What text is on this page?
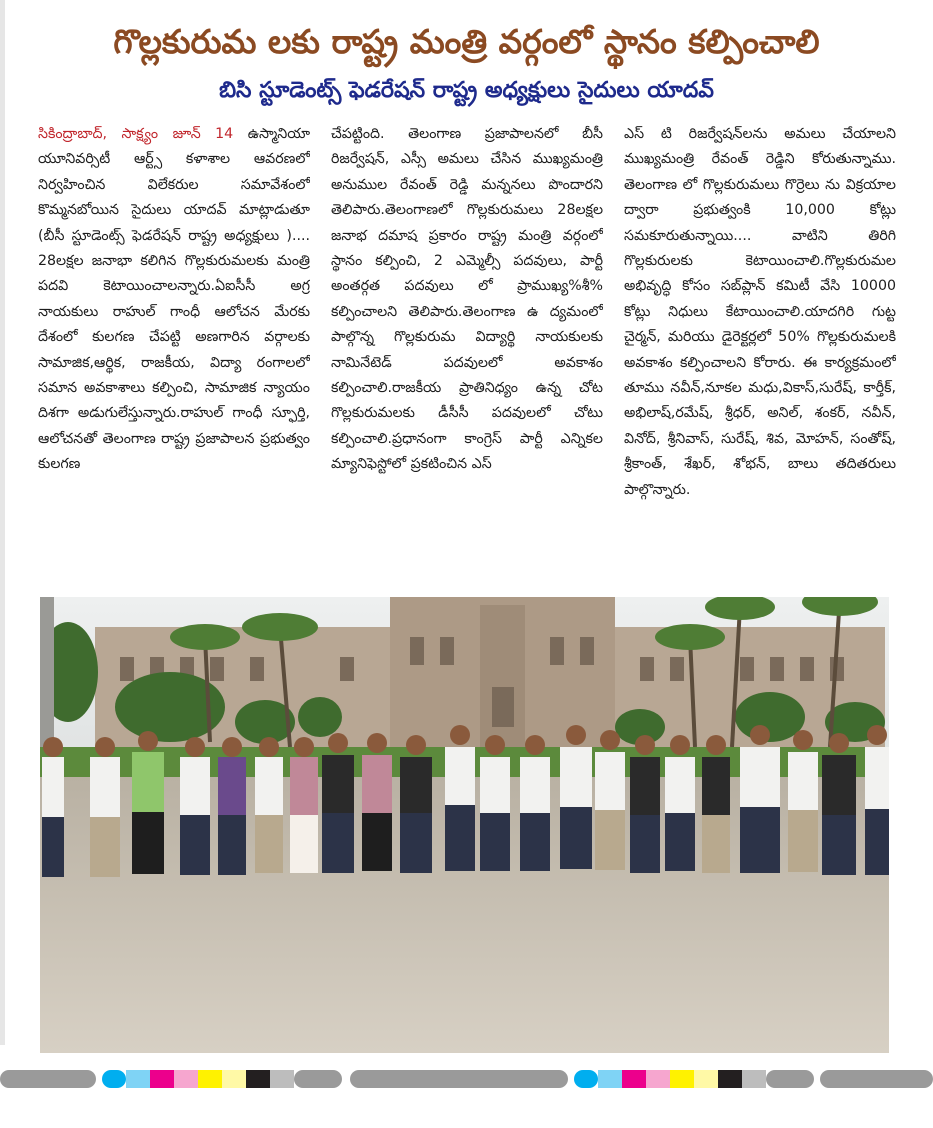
గొల్లకురుమ లకు రాష్ట్ర మంత్రి వర్గంలో స్థానం కల్పించాలి
బిసి స్టూడెంట్స్ ఫెడరేషన్ రాష్ట్ర అధ్యక్షులు సైదులు యాదవ్
సికింద్రాబాద్, సాక్ష్యం జూన్ 14 ఉస్మానియా యూనివర్సిటీ ఆర్ట్స్ కళాశాల ఆవరణలో నిర్వహించిన విలేకరుల సమావేశంలో కొమ్మనబోయిన సైదులు యాదవ్ మాట్లాడుతూ (బీసీ స్టూడెంట్స్ ఫెడరేషన్ రాష్ట్ర అధ్యక్షులు ).... 28లక్షల జనాభా కలిగిన గొల్లకురుమలకు మంత్రి పదవి కెటాయించాలన్నారు.ఏఐసీసీ అగ్ర నాయకులు రాహుల్ గాంధీ ఆలోచన మేరకు దేశంలో కులగణ చేపట్టి అణగారిన వర్గాలకు సామాజిక,ఆర్థిక, రాజకీయ, విద్యా రంగాలలో సమాన అవకాశాలు కల్పించి, సామాజిక న్యాయం దిశగా అడుగులేస్తున్నారు.రాహుల్ గాంధీ స్ఫూర్తి, ఆలోచనతో తెలంగాణ రాష్ట్ర ప్రజాపాలన ప్రభుత్వం కులగణ
చేపట్టింది. తెలంగాణ ప్రజాపాలనలో బీసీ రిజర్వేషన్, ఎస్సీ అమలు చేసిన ముఖ్యమంత్రి అనుముల రేవంత్ రెడ్డి మన్ననలు పొందారని తెలిపారు.తెలంగాణలో గొల్లకురుమలు 28లక్షల జనాభ దమాష ప్రకారం రాష్ట్ర మంత్రి వర్గంలో స్థానం కల్పించి, 2 ఎమ్మెల్సీ పదవులు, పార్టీ అంతర్గత పదవులు లో ప్రాముఖ్య%శీ% కల్పించాలని తెలిపారు.తెలంగాణ ఉ ద్యమంలో పాల్గొన్న గొల్లకురుమ విద్యార్థి నాయకులకు నామినేటెడ్ పదవులలో అవకాశం కల్పించాలి.రాజకీయ ప్రాతినిధ్యం ఉన్న చోట గొల్లకురుమలకు డీసీసీ పదవులలో చోటు కల్పించాలి.ప్రధానంగా కాంగ్రెస్ పార్టీ ఎన్నికల మ్యానిఫెస్టోలో ప్రకటించిన ఎస్
ఎస్ టి రిజర్వేషన్‌లను అమలు చేయాలని ముఖ్యమంత్రి రేవంత్ రెడ్డిని కోరుతున్నాము. తెలంగాణ లో గొల్లకురుమలు గొర్రెలు ను విక్రయాల ద్వారా ప్రభుత్వంకి 10,000 కోట్లు సమకూరుతున్నాయి.... వాటిని తిరిగి గొల్లకురులకు కెటాయించాలి.గొల్లకురుమల అభివృద్ధి కోసం సబ్‌ప్లాన్ కమిటీ వేసి 10000 కోట్లు నిధులు కేటాయించాలి.యాదగిరి గుట్ట చైర్మన్, మరియు డైరెక్టర్లలో 50% గొల్లకురుమలకి అవకాశం కల్పించాలని కోరారు. ఈ కార్యక్రమంలో తూము నవీన్,నూకల మధు,వికాస్,సురేష్, కార్తీక్, అభిలాష్,రమేష్, శ్రీధర్, అనిల్, శంకర్, నవీన్, వినోద్, శ్రీనివాస్, సురేష్, శివ, మోహన్, సంతోష్, శ్రీకాంత్, శేఖర్, శోభన్, బాలు తదితరులు పాల్గొన్నారు.
